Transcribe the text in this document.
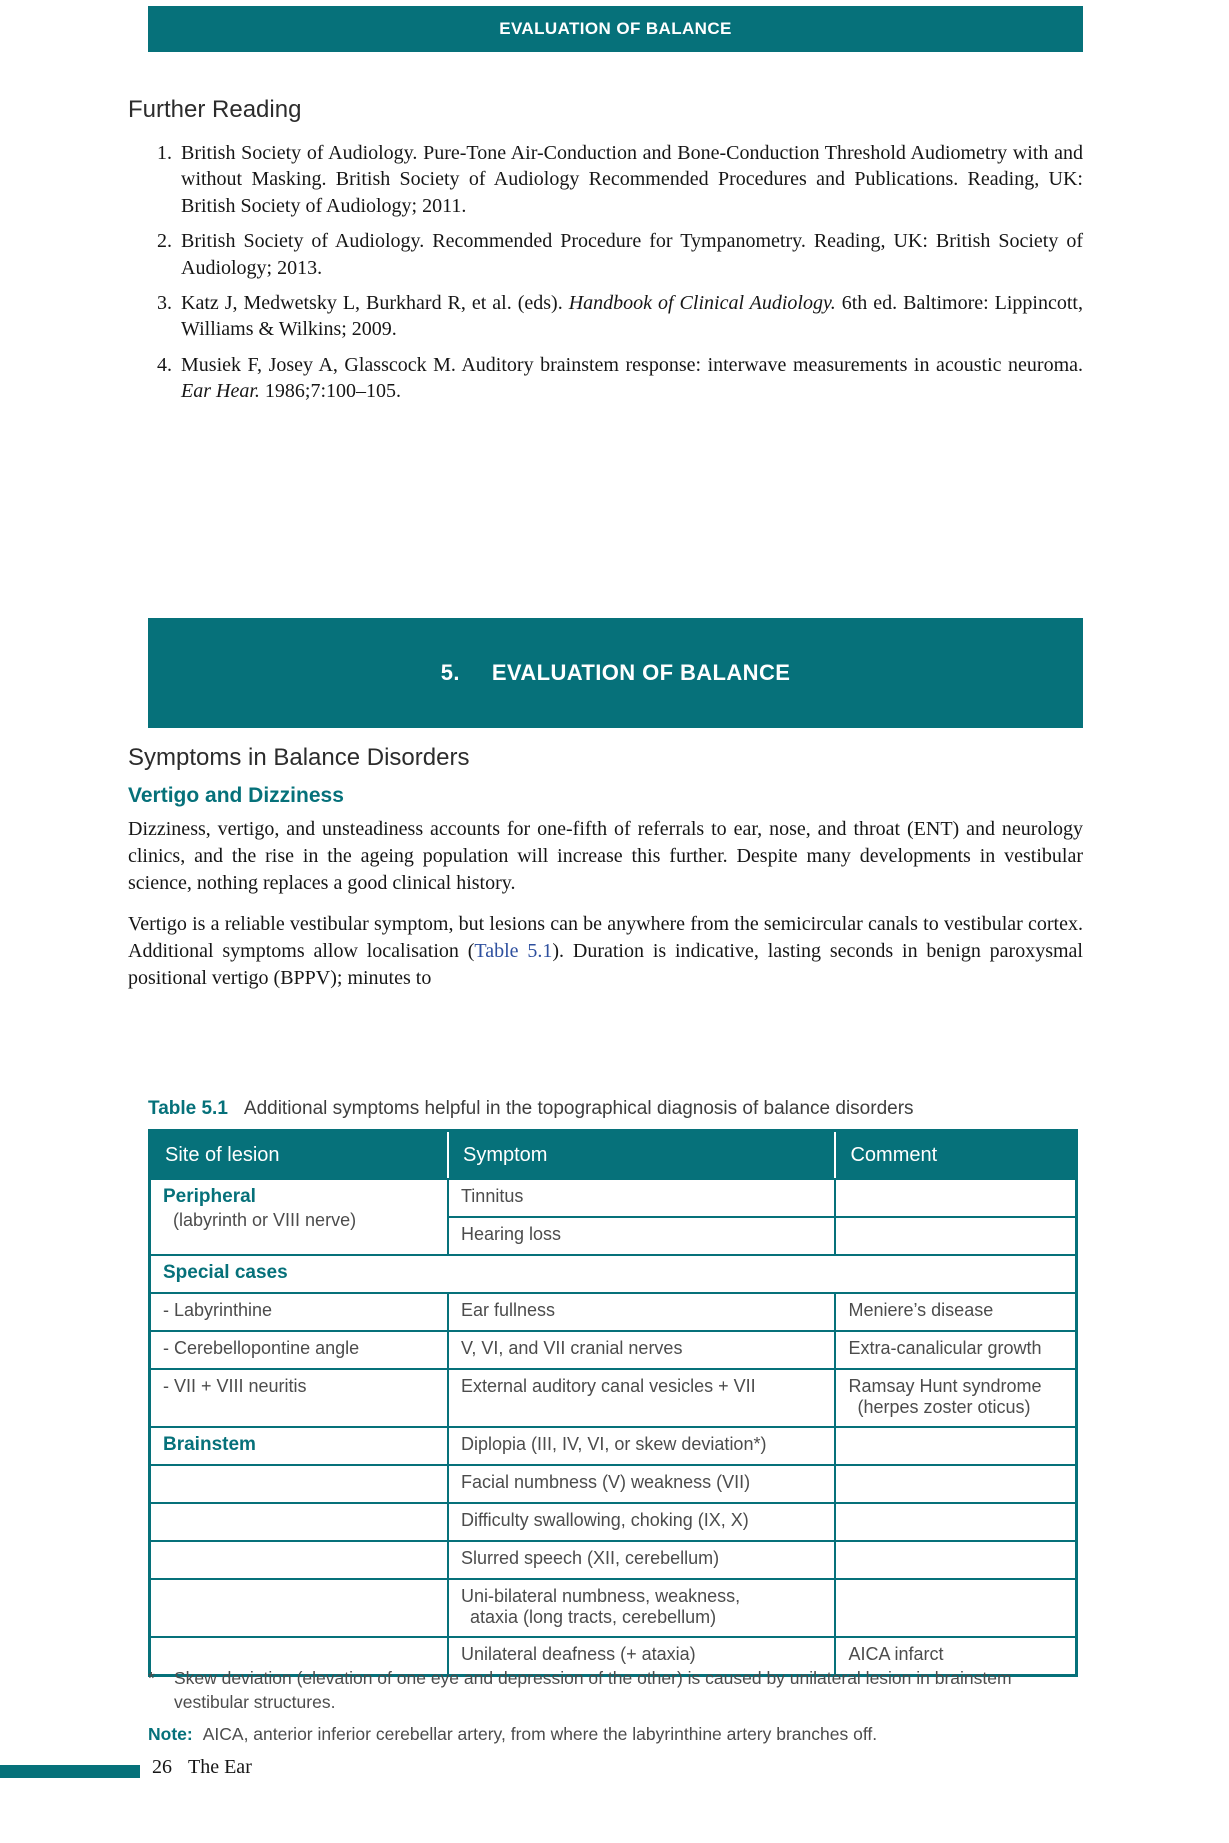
EVALUATION OF BALANCE
Further Reading
1. British Society of Audiology. Pure-Tone Air-Conduction and Bone-Conduction Threshold Audiometry with and without Masking. British Society of Audiology Recommended Procedures and Publications. Reading, UK: British Society of Audiology; 2011.
2. British Society of Audiology. Recommended Procedure for Tympanometry. Reading, UK: British Society of Audiology; 2013.
3. Katz J, Medwetsky L, Burkhard R, et al. (eds). Handbook of Clinical Audiology. 6th ed. Baltimore: Lippincott, Williams & Wilkins; 2009.
4. Musiek F, Josey A, Glasscock M. Auditory brainstem response: interwave measurements in acoustic neuroma. Ear Hear. 1986;7:100–105.
5. EVALUATION OF BALANCE
Symptoms in Balance Disorders
Vertigo and Dizziness

Dizziness, vertigo, and unsteadiness accounts for one-fifth of referrals to ear, nose, and throat (ENT) and neurology clinics, and the rise in the ageing population will increase this further. Despite many developments in vestibular science, nothing replaces a good clinical history.

Vertigo is a reliable vestibular symptom, but lesions can be anywhere from the semicircular canals to vestibular cortex. Additional symptoms allow localisation (Table 5.1). Duration is indicative, lasting seconds in benign paroxysmal positional vertigo (BPPV); minutes to

Table 5.1 Additional symptoms helpful in the topographical diagnosis of balance disorders
Site of lesion	Symptom	Comment

Peripheral
(labyrinth or VIII nerve)	Tinnitus	
	Hearing loss	
Special cases		
- Labyrinthine	Ear fullness	Meniere’s disease
- Cerebellopontine angle	V, VI, and VII cranial nerves	Extra-canalicular growth
- VII + VIII neuritis	External auditory canal vesicles + VII	Ramsay Hunt syndrome
(herpes zoster oticus)

Brainstem	Diplopia (III, IV, VI, or skew deviation*)	
	Facial numbness (V) weakness (VII)	
	Difficulty swallowing, choking (IX, X)	
	Slurred speech (XII, cerebellum)	

	Uni-bilateral numbness, weakness,
ataxia (long tracts, cerebellum)	

	Unilateral deafness (+ ataxia)	AICA infarct
*	Skew deviation (elevation of one eye and depression of the other) is caused by unilateral lesion in brainstem vestibular structures.
Note: AICA, anterior inferior cerebellar artery, from where the labyrinthine artery branches off.
26 The Ear
